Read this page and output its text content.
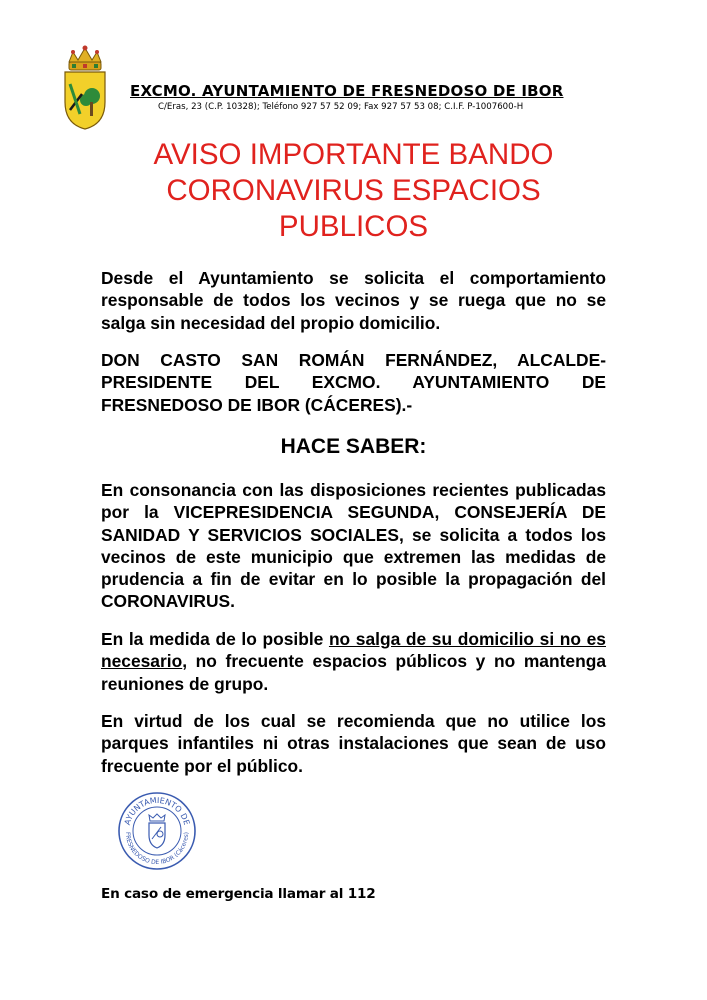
EXCMO. AYUNTAMIENTO DE FRESNEDOSO DE IBOR
C/Eras, 23 (C.P. 10328); Teléfono 927 57 52 09; Fax 927 57 53 08; C.I.F. P-1007600-H
AVISO IMPORTANTE BANDO
CORONAVIRUS ESPACIOS
PUBLICOS

Desde el Ayuntamiento se solicita el comportamiento responsable de todos los vecinos y se ruega que no se salga sin necesidad del propio domicilio.

DON CASTO SAN ROMÁN FERNÁNDEZ, ALCALDE-PRESIDENTE DEL EXCMO. AYUNTAMIENTO DE FRESNEDOSO DE IBOR (CÁCERES).-

HACE SABER:

En consonancia con las disposiciones recientes publicadas por la VICEPRESIDENCIA SEGUNDA, CONSEJERÍA DE SANIDAD Y SERVICIOS SOCIALES, se solicita a todos los vecinos de este municipio que extremen las medidas de prudencia a fin de evitar en lo posible la propagación del CORONAVIRUS.

En la medida de lo posible no salga de su domicilio si no es necesario, no frecuente espacios públicos y no mantenga reuniones de grupo.

En virtud de los cual se recomienda que no utilice los parques infantiles ni otras instalaciones que sean de uso frecuente por el público.

AYUNTAMIENTO DE
FRESNEDOSO DE IBOR (Cáceres)
En caso de emergencia llamar al 112
